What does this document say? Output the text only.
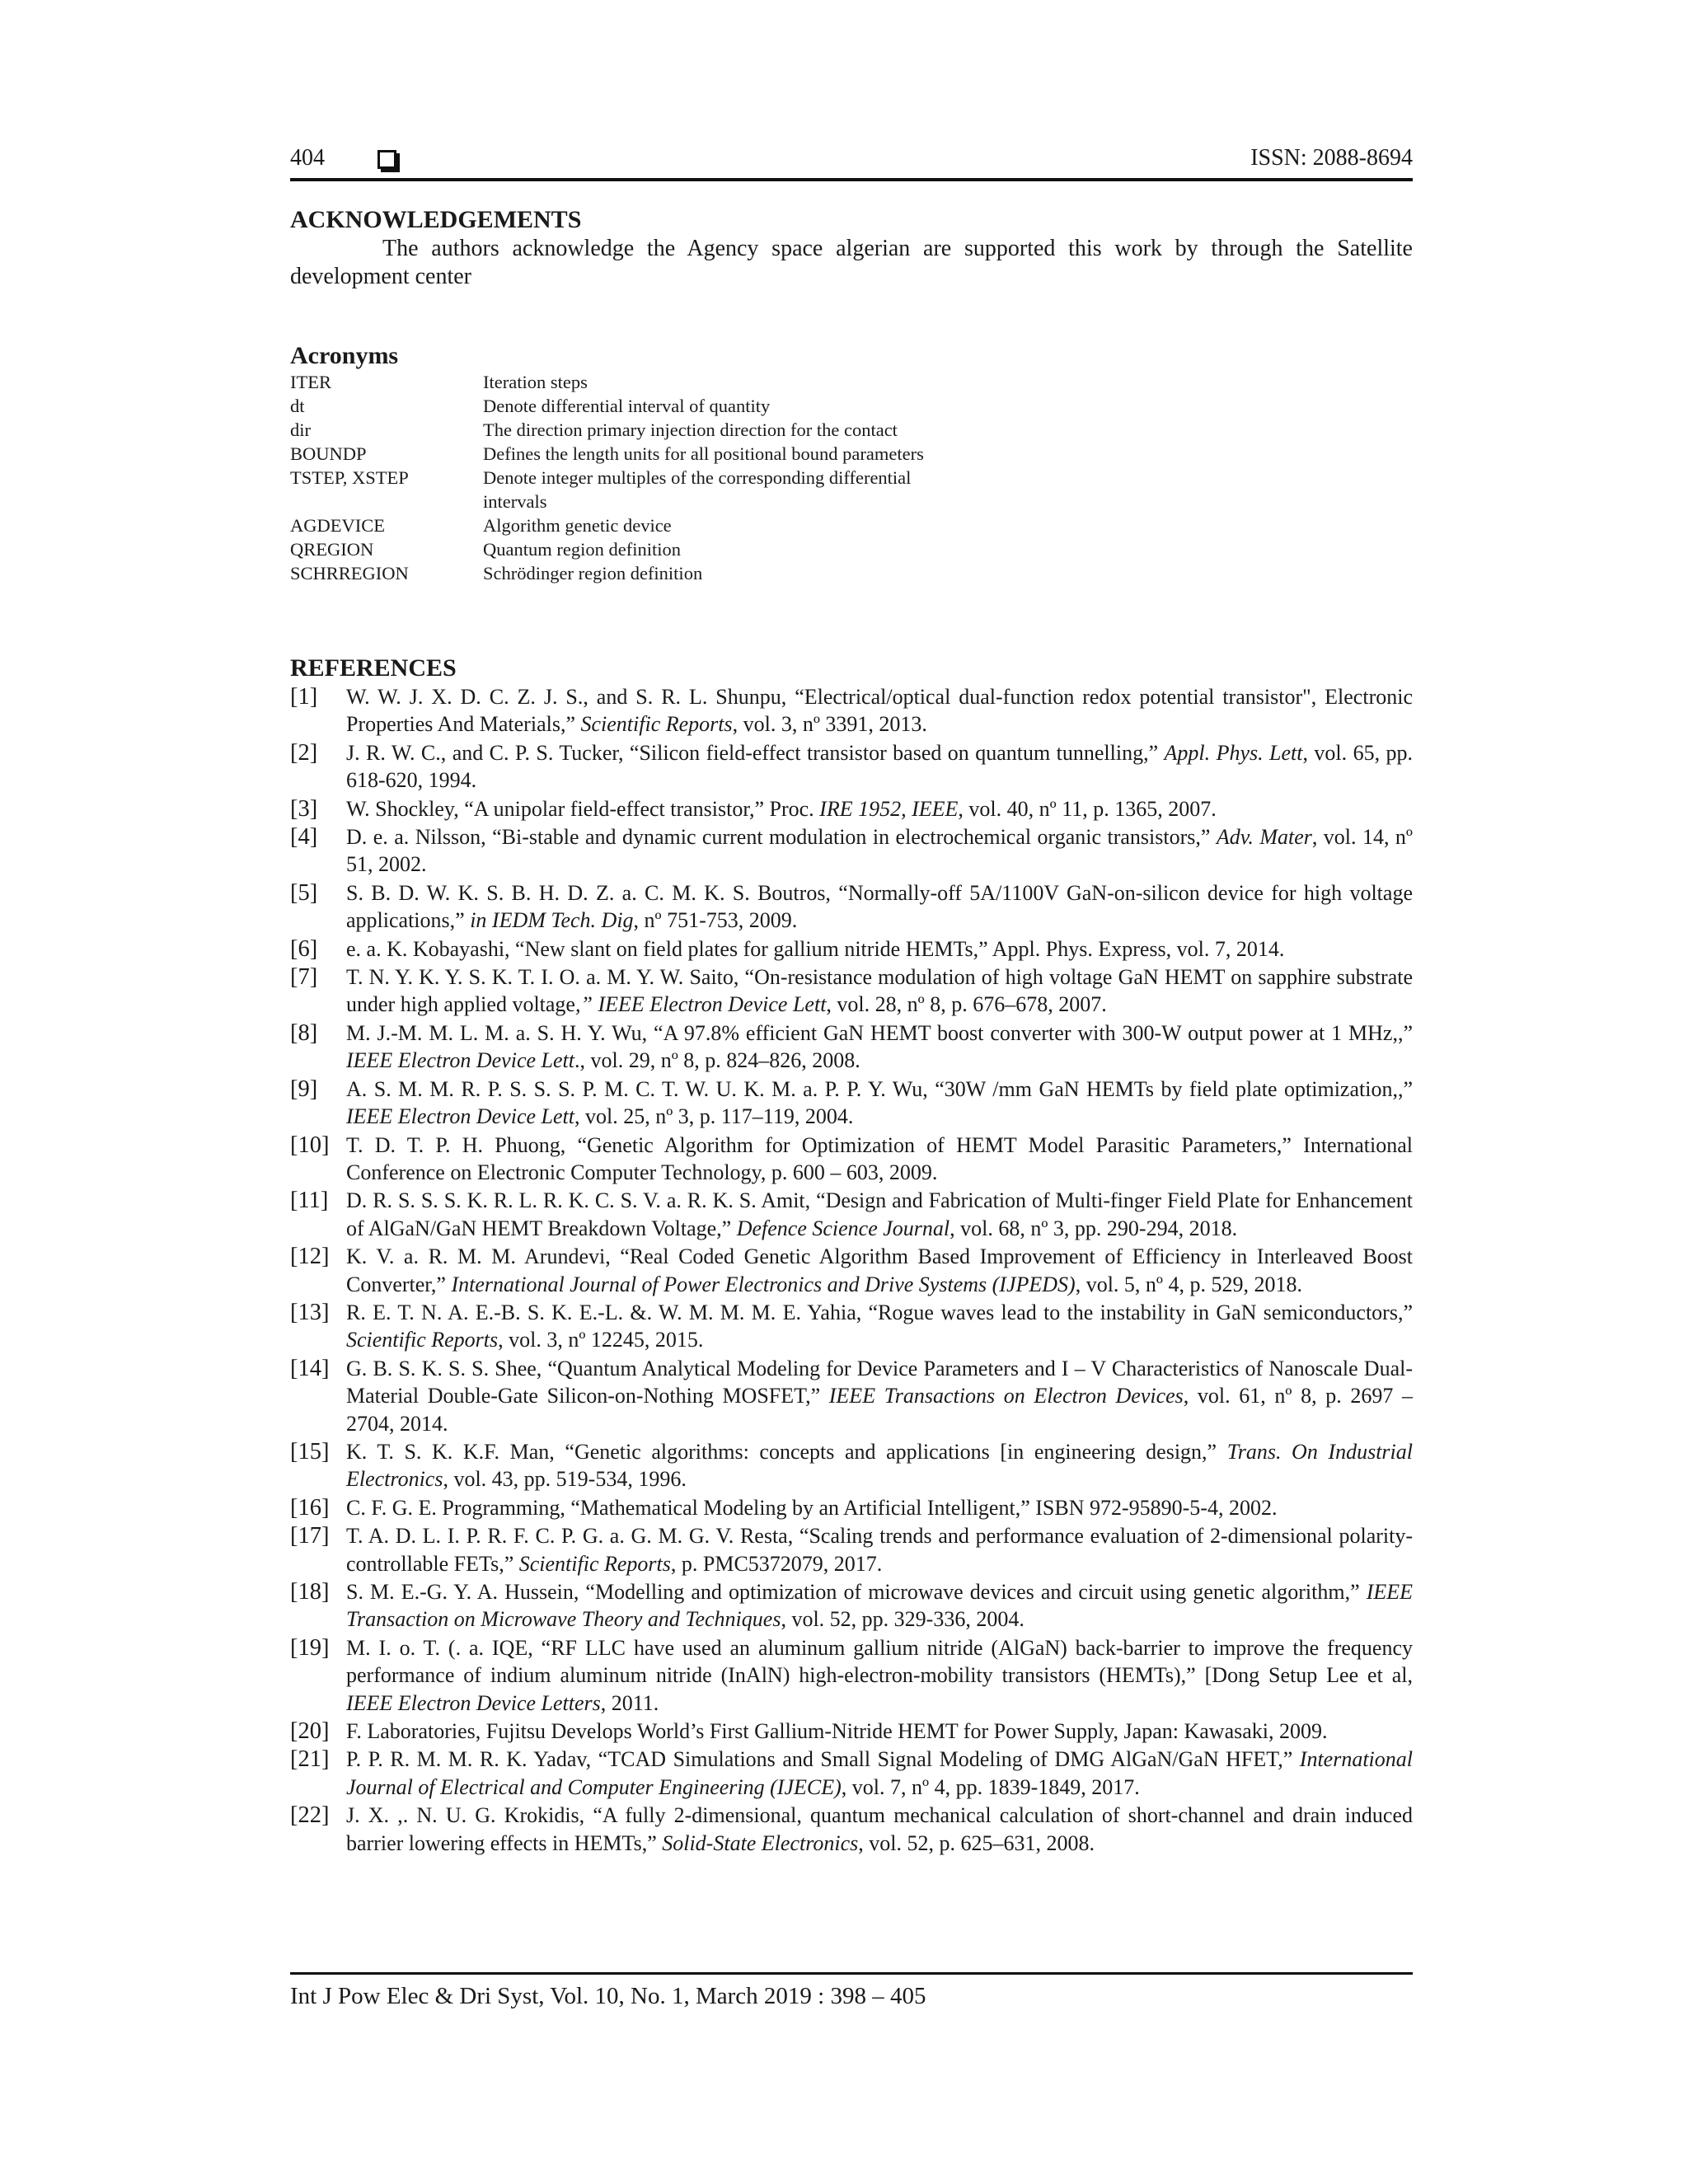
404	ISSN: 2088-8694
ACKNOWLEDGEMENTS
The authors acknowledge the Agency space algerian are supported this work by through the Satellite development center
Acronyms
ITER	Iteration steps
dt	Denote differential interval of quantity
dir	The direction primary injection direction for the contact
BOUNDP	Defines the length units for all positional bound parameters
TSTEP, XSTEP	Denote integer multiples of the corresponding differential intervals
AGDEVICE	Algorithm genetic device
QREGION	Quantum region definition
SCHRREGION	Schrödinger region definition
REFERENCES
[1] W. W. J. X. D. C. Z. J. S., and S. R. L. Shunpu, “Electrical/optical dual-function redox potential transistor", Electronic Properties And Materials,” Scientific Reports, vol. 3, nº 3391, 2013.
[2] J. R. W. C., and C. P. S. Tucker, “Silicon field-effect transistor based on quantum tunnelling,” Appl. Phys. Lett, vol. 65, pp. 618-620, 1994.
[3] W. Shockley, “A unipolar field-effect transistor,” Proc. IRE 1952, IEEE, vol. 40, nº 11, p. 1365, 2007.
[4] D. e. a. Nilsson, “Bi-stable and dynamic current modulation in electrochemical organic transistors,” Adv. Mater, vol. 14, nº 51, 2002.
[5] S. B. D. W. K. S. B. H. D. Z. a. C. M. K. S. Boutros, “Normally-off 5A/1100V GaN-on-silicon device for high voltage applications,” in IEDM Tech. Dig, nº 751-753, 2009.
[6] e. a. K. Kobayashi, “New slant on field plates for gallium nitride HEMTs,” Appl. Phys. Express, vol. 7, 2014.
[7] T. N. Y. K. Y. S. K. T. I. O. a. M. Y. W. Saito, “On-resistance modulation of high voltage GaN HEMT on sapphire substrate under high applied voltage,” IEEE Electron Device Lett, vol. 28, nº 8, p. 676–678, 2007.
[8] M. J.-M. M. L. M. a. S. H. Y. Wu, “A 97.8% efficient GaN HEMT boost converter with 300-W output power at 1 MHz,,” IEEE Electron Device Lett., vol. 29, nº 8, p. 824–826, 2008.
[9] A. S. M. M. R. P. S. S. S. P. M. C. T. W. U. K. M. a. P. P. Y. Wu, “30W /mm GaN HEMTs by field plate optimization,,” IEEE Electron Device Lett, vol. 25, nº 3, p. 117–119, 2004.
[10] T. D. T. P. H. Phuong, “Genetic Algorithm for Optimization of HEMT Model Parasitic Parameters,” International Conference on Electronic Computer Technology, p. 600 – 603, 2009.
[11] D. R. S. S. S. K. R. L. R. K. C. S. V. a. R. K. S. Amit, “Design and Fabrication of Multi-finger Field Plate for Enhancement of AlGaN/GaN HEMT Breakdown Voltage,” Defence Science Journal, vol. 68, nº 3, pp. 290-294, 2018.
[12] K. V. a. R. M. M. Arundevi, “Real Coded Genetic Algorithm Based Improvement of Efficiency in Interleaved Boost Converter,” International Journal of Power Electronics and Drive Systems (IJPEDS), vol. 5, nº 4, p. 529, 2018.
[13] R. E. T. N. A. E.-B. S. K. E.-L. &. W. M. M. M. E. Yahia, “Rogue waves lead to the instability in GaN semiconductors,” Scientific Reports, vol. 3, nº 12245, 2015.
[14] G. B. S. K. S. S. Shee, “Quantum Analytical Modeling for Device Parameters and I – V Characteristics of Nanoscale Dual-Material Double-Gate Silicon-on-Nothing MOSFET,” IEEE Transactions on Electron Devices, vol. 61, nº 8, p. 2697 – 2704, 2014.
[15] K. T. S. K. K.F. Man, “Genetic algorithms: concepts and applications [in engineering design,” Trans. On Industrial Electronics, vol. 43, pp. 519-534, 1996.
[16] C. F. G. E. Programming, “Mathematical Modeling by an Artificial Intelligent,” ISBN 972-95890-5-4, 2002.
[17] T. A. D. L. I. P. R. F. C. P. G. a. G. M. G. V. Resta, “Scaling trends and performance evaluation of 2-dimensional polarity-controllable FETs,” Scientific Reports, p. PMC5372079, 2017.
[18] S. M. E.-G. Y. A. Hussein, “Modelling and optimization of microwave devices and circuit using genetic algorithm,” IEEE Transaction on Microwave Theory and Techniques, vol. 52, pp. 329-336, 2004.
[19] M. I. o. T. (. a. IQE, “RF LLC have used an aluminum gallium nitride (AlGaN) back-barrier to improve the frequency performance of indium aluminum nitride (InAlN) high-electron-mobility transistors (HEMTs),” [Dong Setup Lee et al, IEEE Electron Device Letters, 2011.
[20] F. Laboratories, Fujitsu Develops World’s First Gallium-Nitride HEMT for Power Supply, Japan: Kawasaki, 2009.
[21] P. P. R. M. M. R. K. Yadav, “TCAD Simulations and Small Signal Modeling of DMG AlGaN/GaN HFET,” International Journal of Electrical and Computer Engineering (IJECE), vol. 7, nº 4, pp. 1839-1849, 2017.
[22] J. X. ,. N. U. G. Krokidis, “A fully 2-dimensional, quantum mechanical calculation of short-channel and drain induced barrier lowering effects in HEMTs,” Solid-State Electronics, vol. 52, p. 625–631, 2008.
Int J Pow Elec & Dri Syst, Vol. 10, No. 1, March 2019 : 398 – 405
